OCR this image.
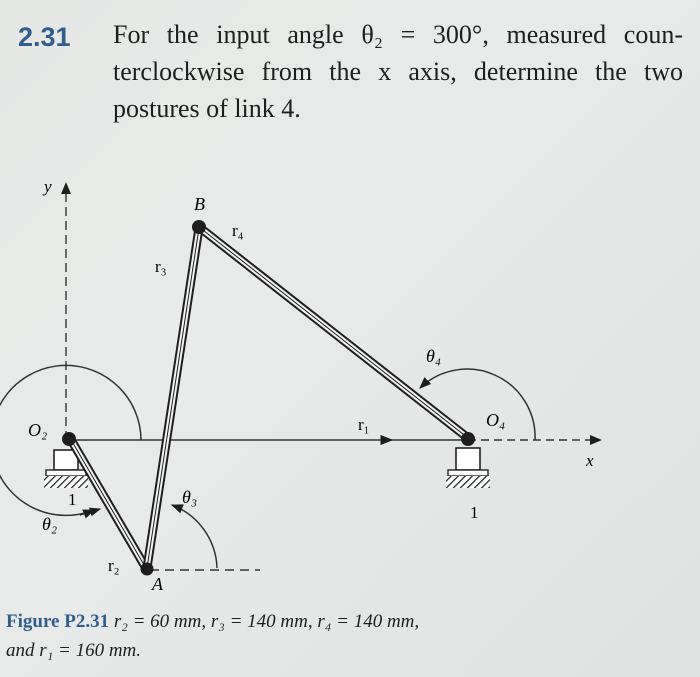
2.31 For the input angle θ₂ = 300°, measured coun-
terclockwise from the x axis, determine the two
postures of link 4.
y
x
θ₂
1
r₂
r₃
r₄
θ₃
θ₄
1
O₂
A
B
O₄
r₁
Figure P2.31 r₂ = 60 mm, r₃ = 140 mm, r₄ = 140 mm,
and r₁ = 160 mm.
